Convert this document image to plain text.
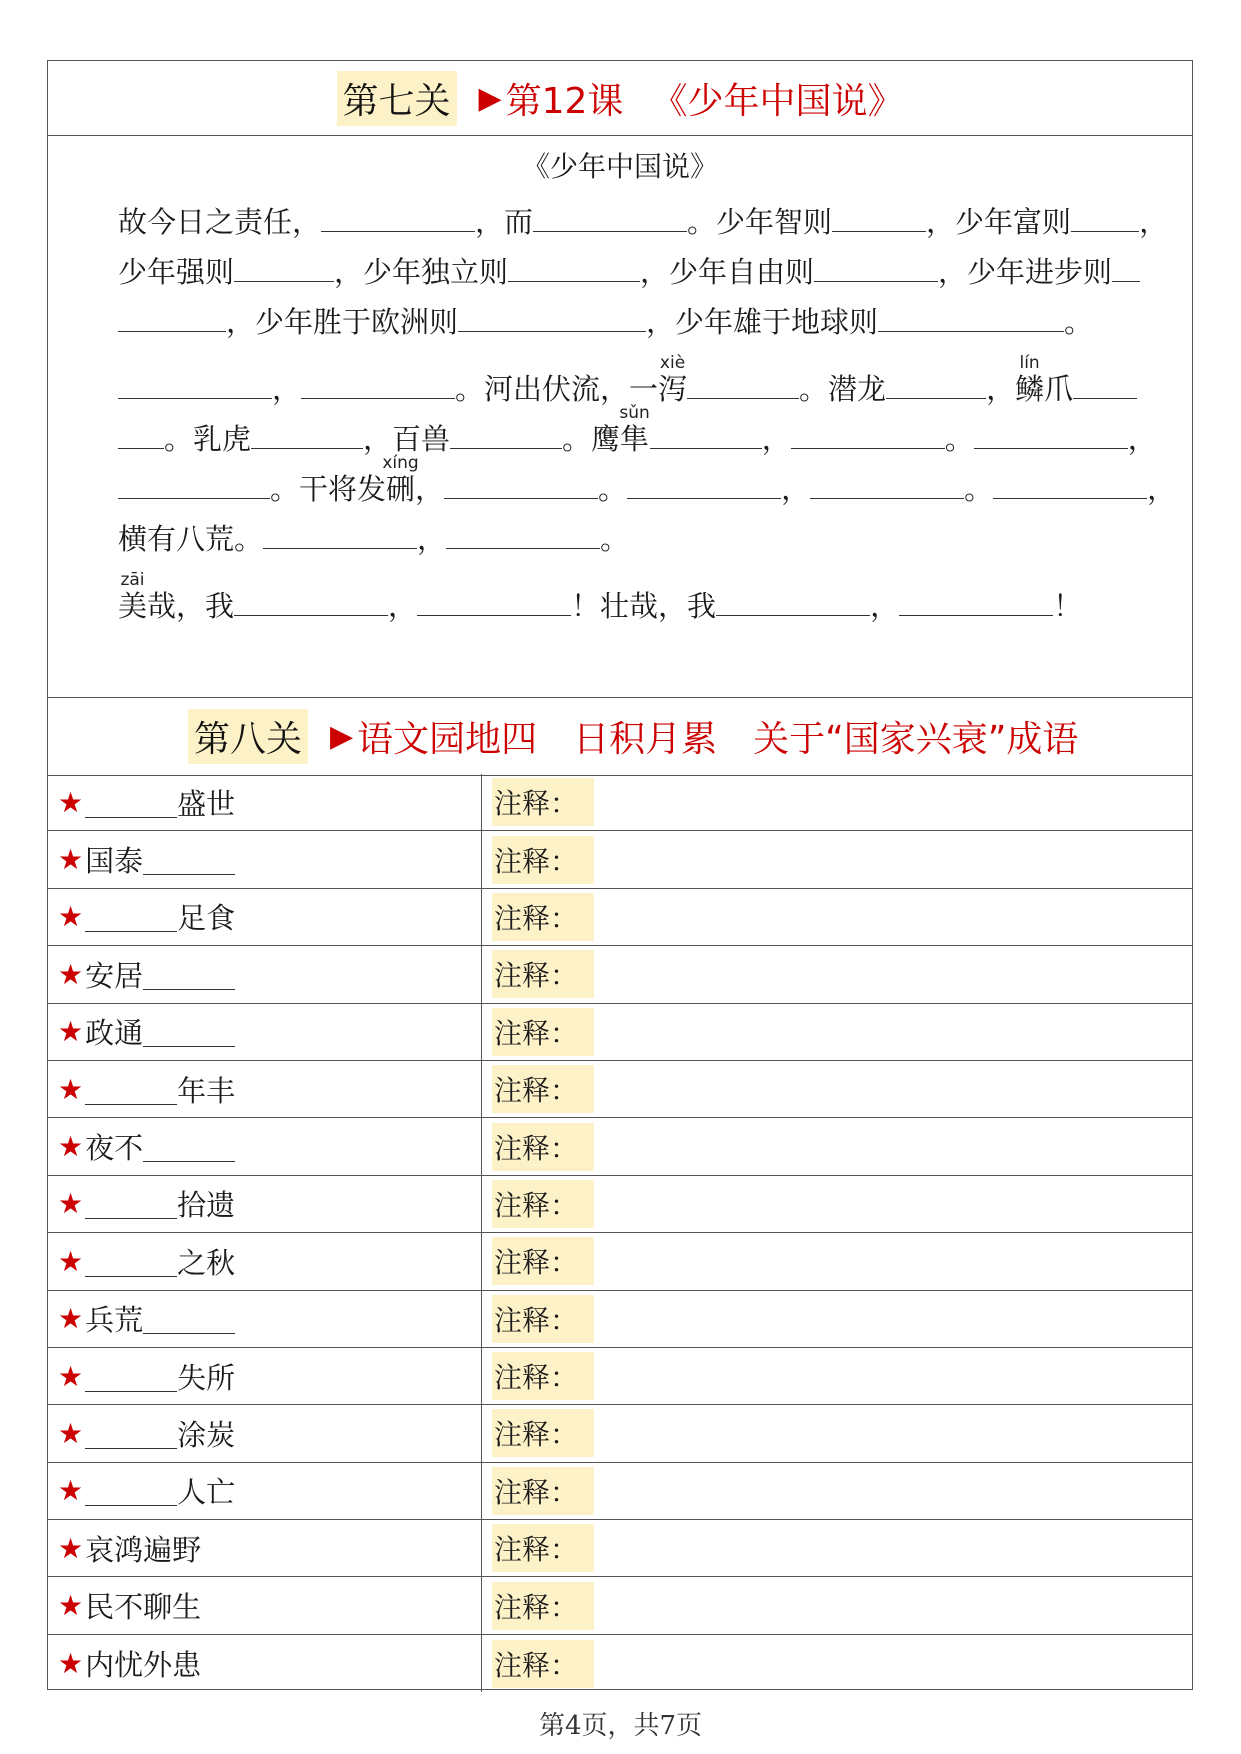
第七关 ▶ 第12课 《少年中国说》
《少年中国说》

故今日之责任，	，而	。少年智则	，少年富则 ，少年强则	，少年独立则	，少年自由则	，少年进步则，少年胜于欧洲则	，少年雄于地球则	。

，	。河出伏流，一泻xiè。潜龙	，鳞lín爪。乳虎	，百兽	。鹰隼sǔn，	。	，。干将发硎xíng，	。	，	。	，横有八荒。	，	。

美zāi哉，我	，	！壮哉，我	，	！

第八关 ▶ 语文园地四　日积月累　关于“国家兴衰”成语
★	盛世	注释：
★ 国泰	注释：
★	足食	注释：
★ 安居	注释：
★ 政通	注释：
★	年丰	注释：
★ 夜不	注释：
★	拾遗	注释：
★	之秋	注释：
★ 兵荒	注释：
★	失所	注释：
★	涂炭	注释：
★	人亡	注释：
★ 哀鸿遍野	注释：
★ 民不聊生	注释：
★ 内忧外患	注释：
第4页，共7页
